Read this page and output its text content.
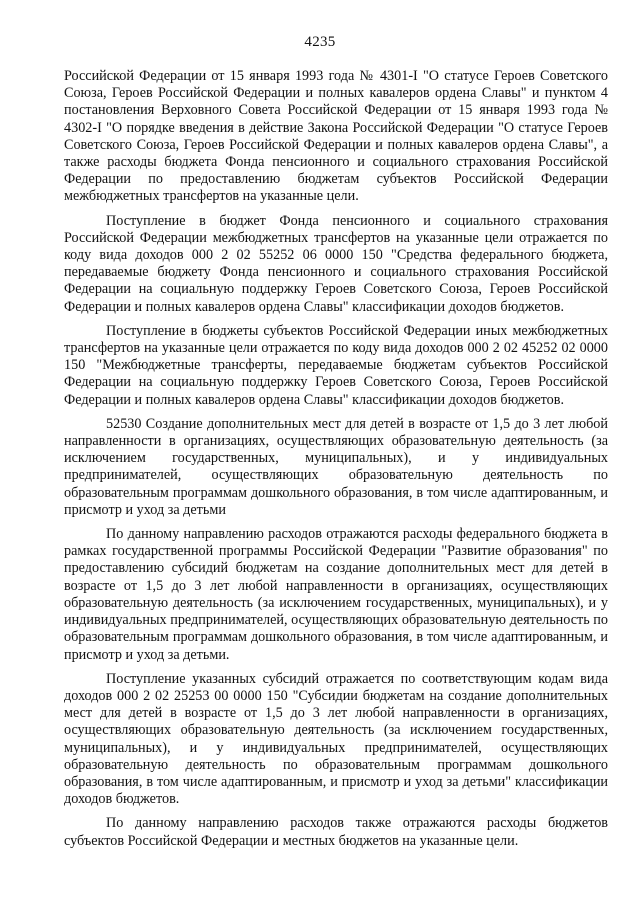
4235

Российской Федерации от 15 января 1993 года № 4301-I "О статусе Героев Советского Союза, Героев Российской Федерации и полных кавалеров ордена Славы" и пунктом 4 постановления Верховного Совета Российской Федерации от 15 января 1993 года № 4302-I "О порядке введения в действие Закона Российской Федерации "О статусе Героев Советского Союза, Героев Российской Федерации и полных кавалеров ордена Славы", а также расходы бюджета Фонда пенсионного и социального страхования Российской Федерации по предоставлению бюджетам субъектов Российской Федерации межбюджетных трансфертов на указанные цели.

Поступление в бюджет Фонда пенсионного и социального страхования Российской Федерации межбюджетных трансфертов на указанные цели отражается по коду вида доходов 000 2 02 55252 06 0000 150 "Средства федерального бюджета, передаваемые бюджету Фонда пенсионного и социального страхования Российской Федерации на социальную поддержку Героев Советского Союза, Героев Российской Федерации и полных кавалеров ордена Славы" классификации доходов бюджетов.

Поступление в бюджеты субъектов Российской Федерации иных межбюджетных трансфертов на указанные цели отражается по коду вида доходов 000 2 02 45252 02 0000 150 "Межбюджетные трансферты, передаваемые бюджетам субъектов Российской Федерации на социальную поддержку Героев Советского Союза, Героев Российской Федерации и полных кавалеров ордена Славы" классификации доходов бюджетов.

52530 Создание дополнительных мест для детей в возрасте от 1,5 до 3 лет любой направленности в организациях, осуществляющих образовательную деятельность (за исключением государственных, муниципальных), и у индивидуальных предпринимателей, осуществляющих образовательную деятельность по образовательным программам дошкольного образования, в том числе адаптированным, и присмотр и уход за детьми

По данному направлению расходов отражаются расходы федерального бюджета в рамках государственной программы Российской Федерации "Развитие образования" по предоставлению субсидий бюджетам на создание дополнительных мест для детей в возрасте от 1,5 до 3 лет любой направленности в организациях, осуществляющих образовательную деятельность (за исключением государственных, муниципальных), и у индивидуальных предпринимателей, осуществляющих образовательную деятельность по образовательным программам дошкольного образования, в том числе адаптированным, и присмотр и уход за детьми.

Поступление указанных субсидий отражается по соответствующим кодам вида доходов 000 2 02 25253 00 0000 150 "Субсидии бюджетам на создание дополнительных мест для детей в возрасте от 1,5 до 3 лет любой направленности в организациях, осуществляющих образовательную деятельность (за исключением государственных, муниципальных), и у индивидуальных предпринимателей, осуществляющих образовательную деятельность по образовательным программам дошкольного образования, в том числе адаптированным, и присмотр и уход за детьми" классификации доходов бюджетов.

По данному направлению расходов также отражаются расходы бюджетов субъектов Российской Федерации и местных бюджетов на указанные цели.
